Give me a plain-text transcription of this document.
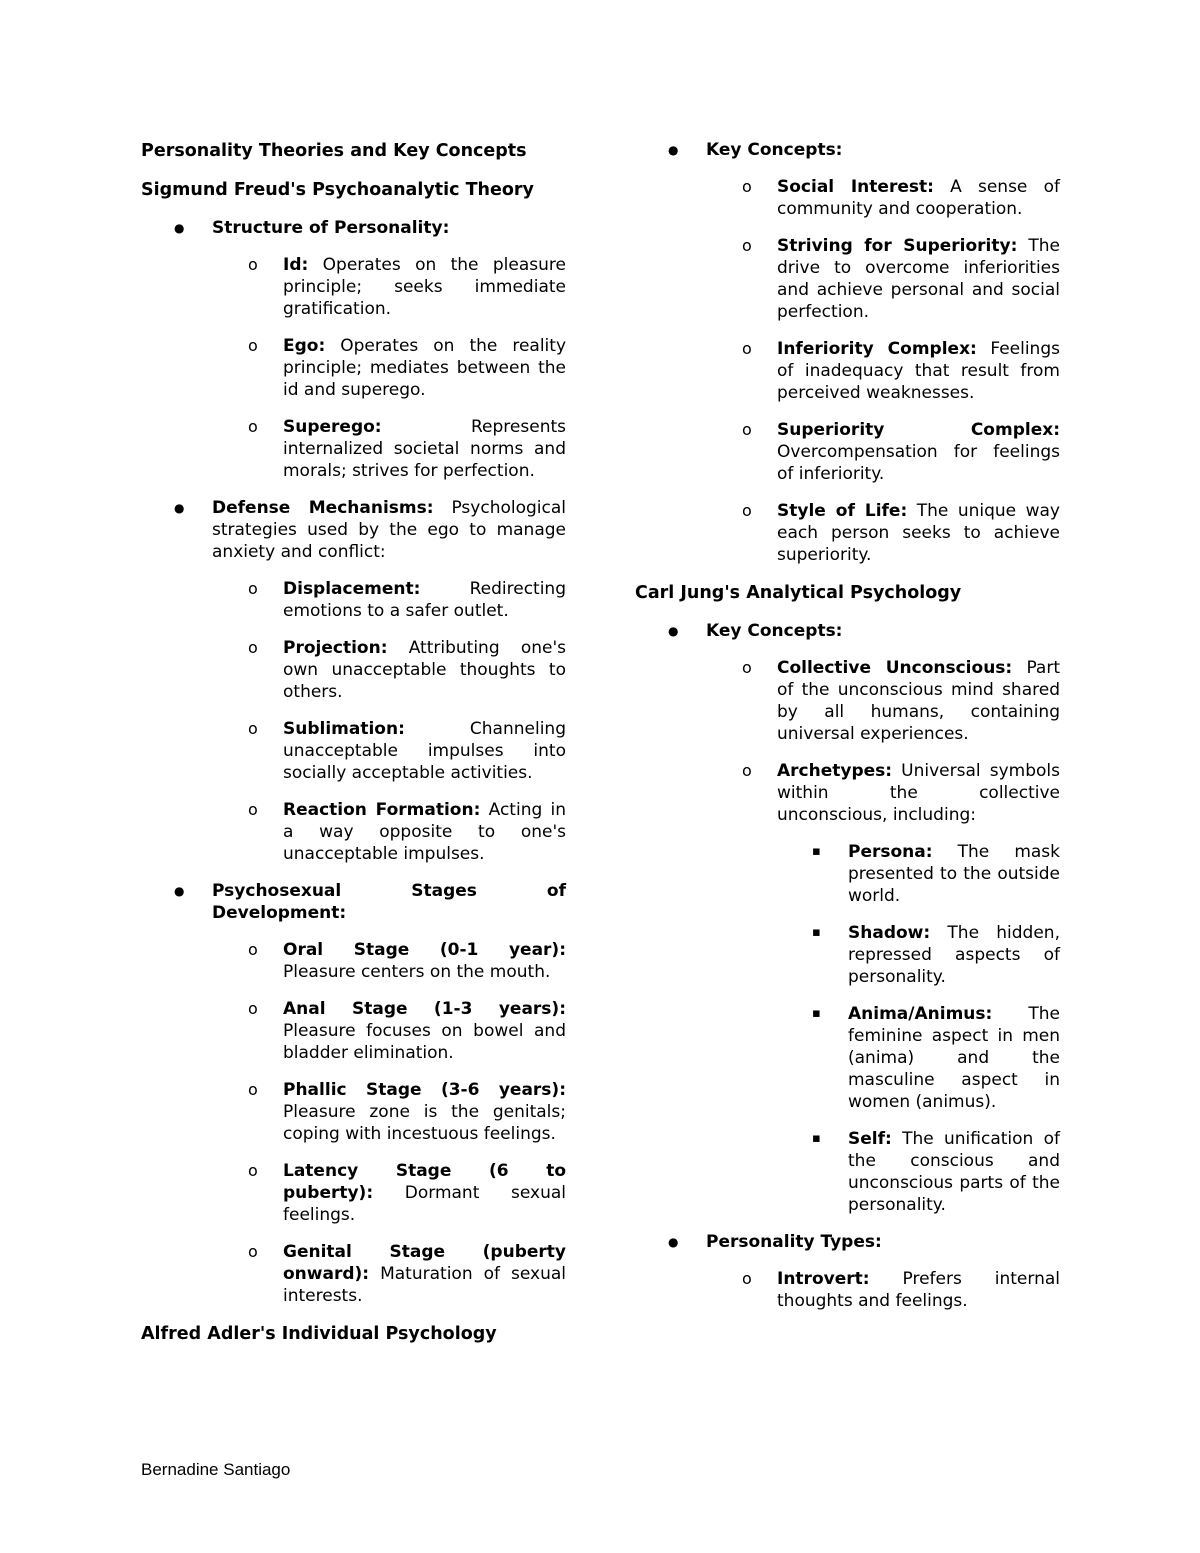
Personality Theories and Key Concepts
Sigmund Freud's Psychoanalytic Theory
● Structure of Personality:
o Id: Operates on the pleasure principle; seeks immediate gratification.
o Ego: Operates on the reality principle; mediates between the id and superego.
o Superego: Represents internalized societal norms and morals; strives for perfection.
● Defense Mechanisms: Psychological strategies used by the ego to manage anxiety and conflict:
o Displacement: Redirecting emotions to a safer outlet.
o Projection: Attributing one's own unacceptable thoughts to others.
o Sublimation: Channeling unacceptable impulses into socially acceptable activities.
o Reaction Formation: Acting in a way opposite to one's unacceptable impulses.
● Psychosexual Stages of Development:
o Oral Stage (0-1 year): Pleasure centers on the mouth.
o Anal Stage (1-3 years): Pleasure focuses on bowel and bladder elimination.
o Phallic Stage (3-6 years): Pleasure zone is the genitals; coping with incestuous feelings.
o Latency Stage (6 to puberty): Dormant sexual feelings.
o Genital Stage (puberty onward): Maturation of sexual interests.
Alfred Adler's Individual Psychology
● Key Concepts:
o Social Interest: A sense of community and cooperation.
o Striving for Superiority: The drive to overcome inferiorities and achieve personal and social perfection.
o Inferiority Complex: Feelings of inadequacy that result from perceived weaknesses.
o Superiority Complex: Overcompensation for feelings of inferiority.
o Style of Life: The unique way each person seeks to achieve superiority.
Carl Jung's Analytical Psychology
● Key Concepts:
o Collective Unconscious: Part of the unconscious mind shared by all humans, containing universal experiences.
o Archetypes: Universal symbols within the collective unconscious, including:
▪ Persona: The mask presented to the outside world.
▪ Shadow: The hidden, repressed aspects of personality.
▪ Anima/Animus: The feminine aspect in men (anima) and the masculine aspect in women (animus).
▪ Self: The unification of the conscious and unconscious parts of the personality.
● Personality Types:
o Introvert: Prefers internal thoughts and feelings.
Bernadine Santiago
